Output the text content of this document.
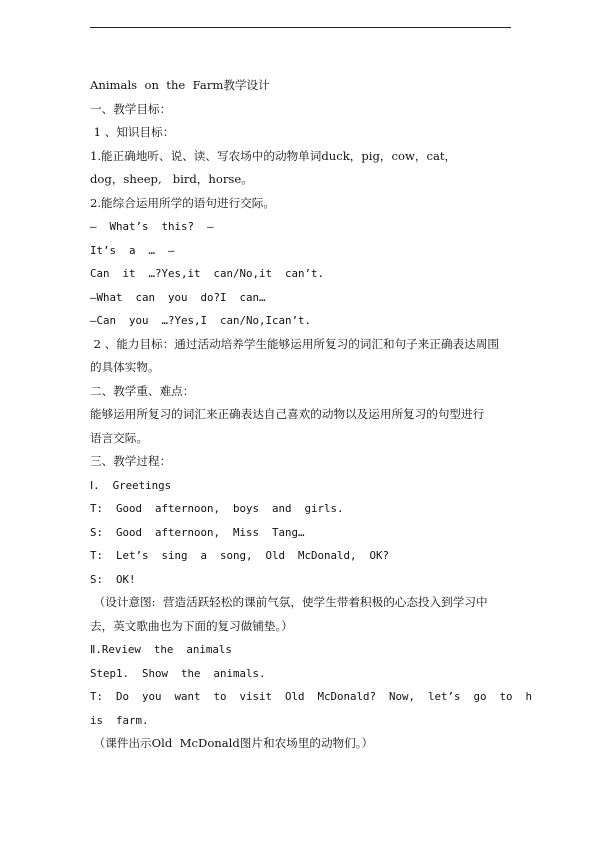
Animals  on  the  Farm教学设计
一、教学目标：
1 、知识目标：
1.能正确地听、说、读、写农场中的动物单词duck，pig，cow，cat，
dog，sheep,   bird，horse。
2.能综合运用所学的语句进行交际。
—  What’s  this?  —
It’s  a  …  —
Can  it  …?Yes,it  can/No,it  can’t.
—What  can  you  do?I  can…
—Can  you  …?Yes,I  can/No,Ican’t.
2 、能力目标：通过活动培养学生能够运用所复习的词汇和句子来正确表达周围
的具体实物。
二、教学重、难点：
能够运用所复习的词汇来正确表达自己喜欢的动物以及运用所复习的句型进行
语言交际。
三、教学过程：
Ⅰ.  Greetings
T:  Good  afternoon,  boys  and  girls.
S:  Good  afternoon,  Miss  Tang…
T:  Let’s  sing  a  song,  Old  McDonald,  OK?
S:  OK!
（设计意图:  营造活跃轻松的课前气氛，使学生带着积极的心态投入到学习中
去，英文歌曲也为下面的复习做铺垫。）
Ⅱ.Review  the  animals
Step1.  Show  the  animals.
T:  Do  you  want  to  visit  Old  McDonald?  Now,  let’s  go  to  h
is  farm.
（课件出示Old  McDonald图片和农场里的动物们。）
